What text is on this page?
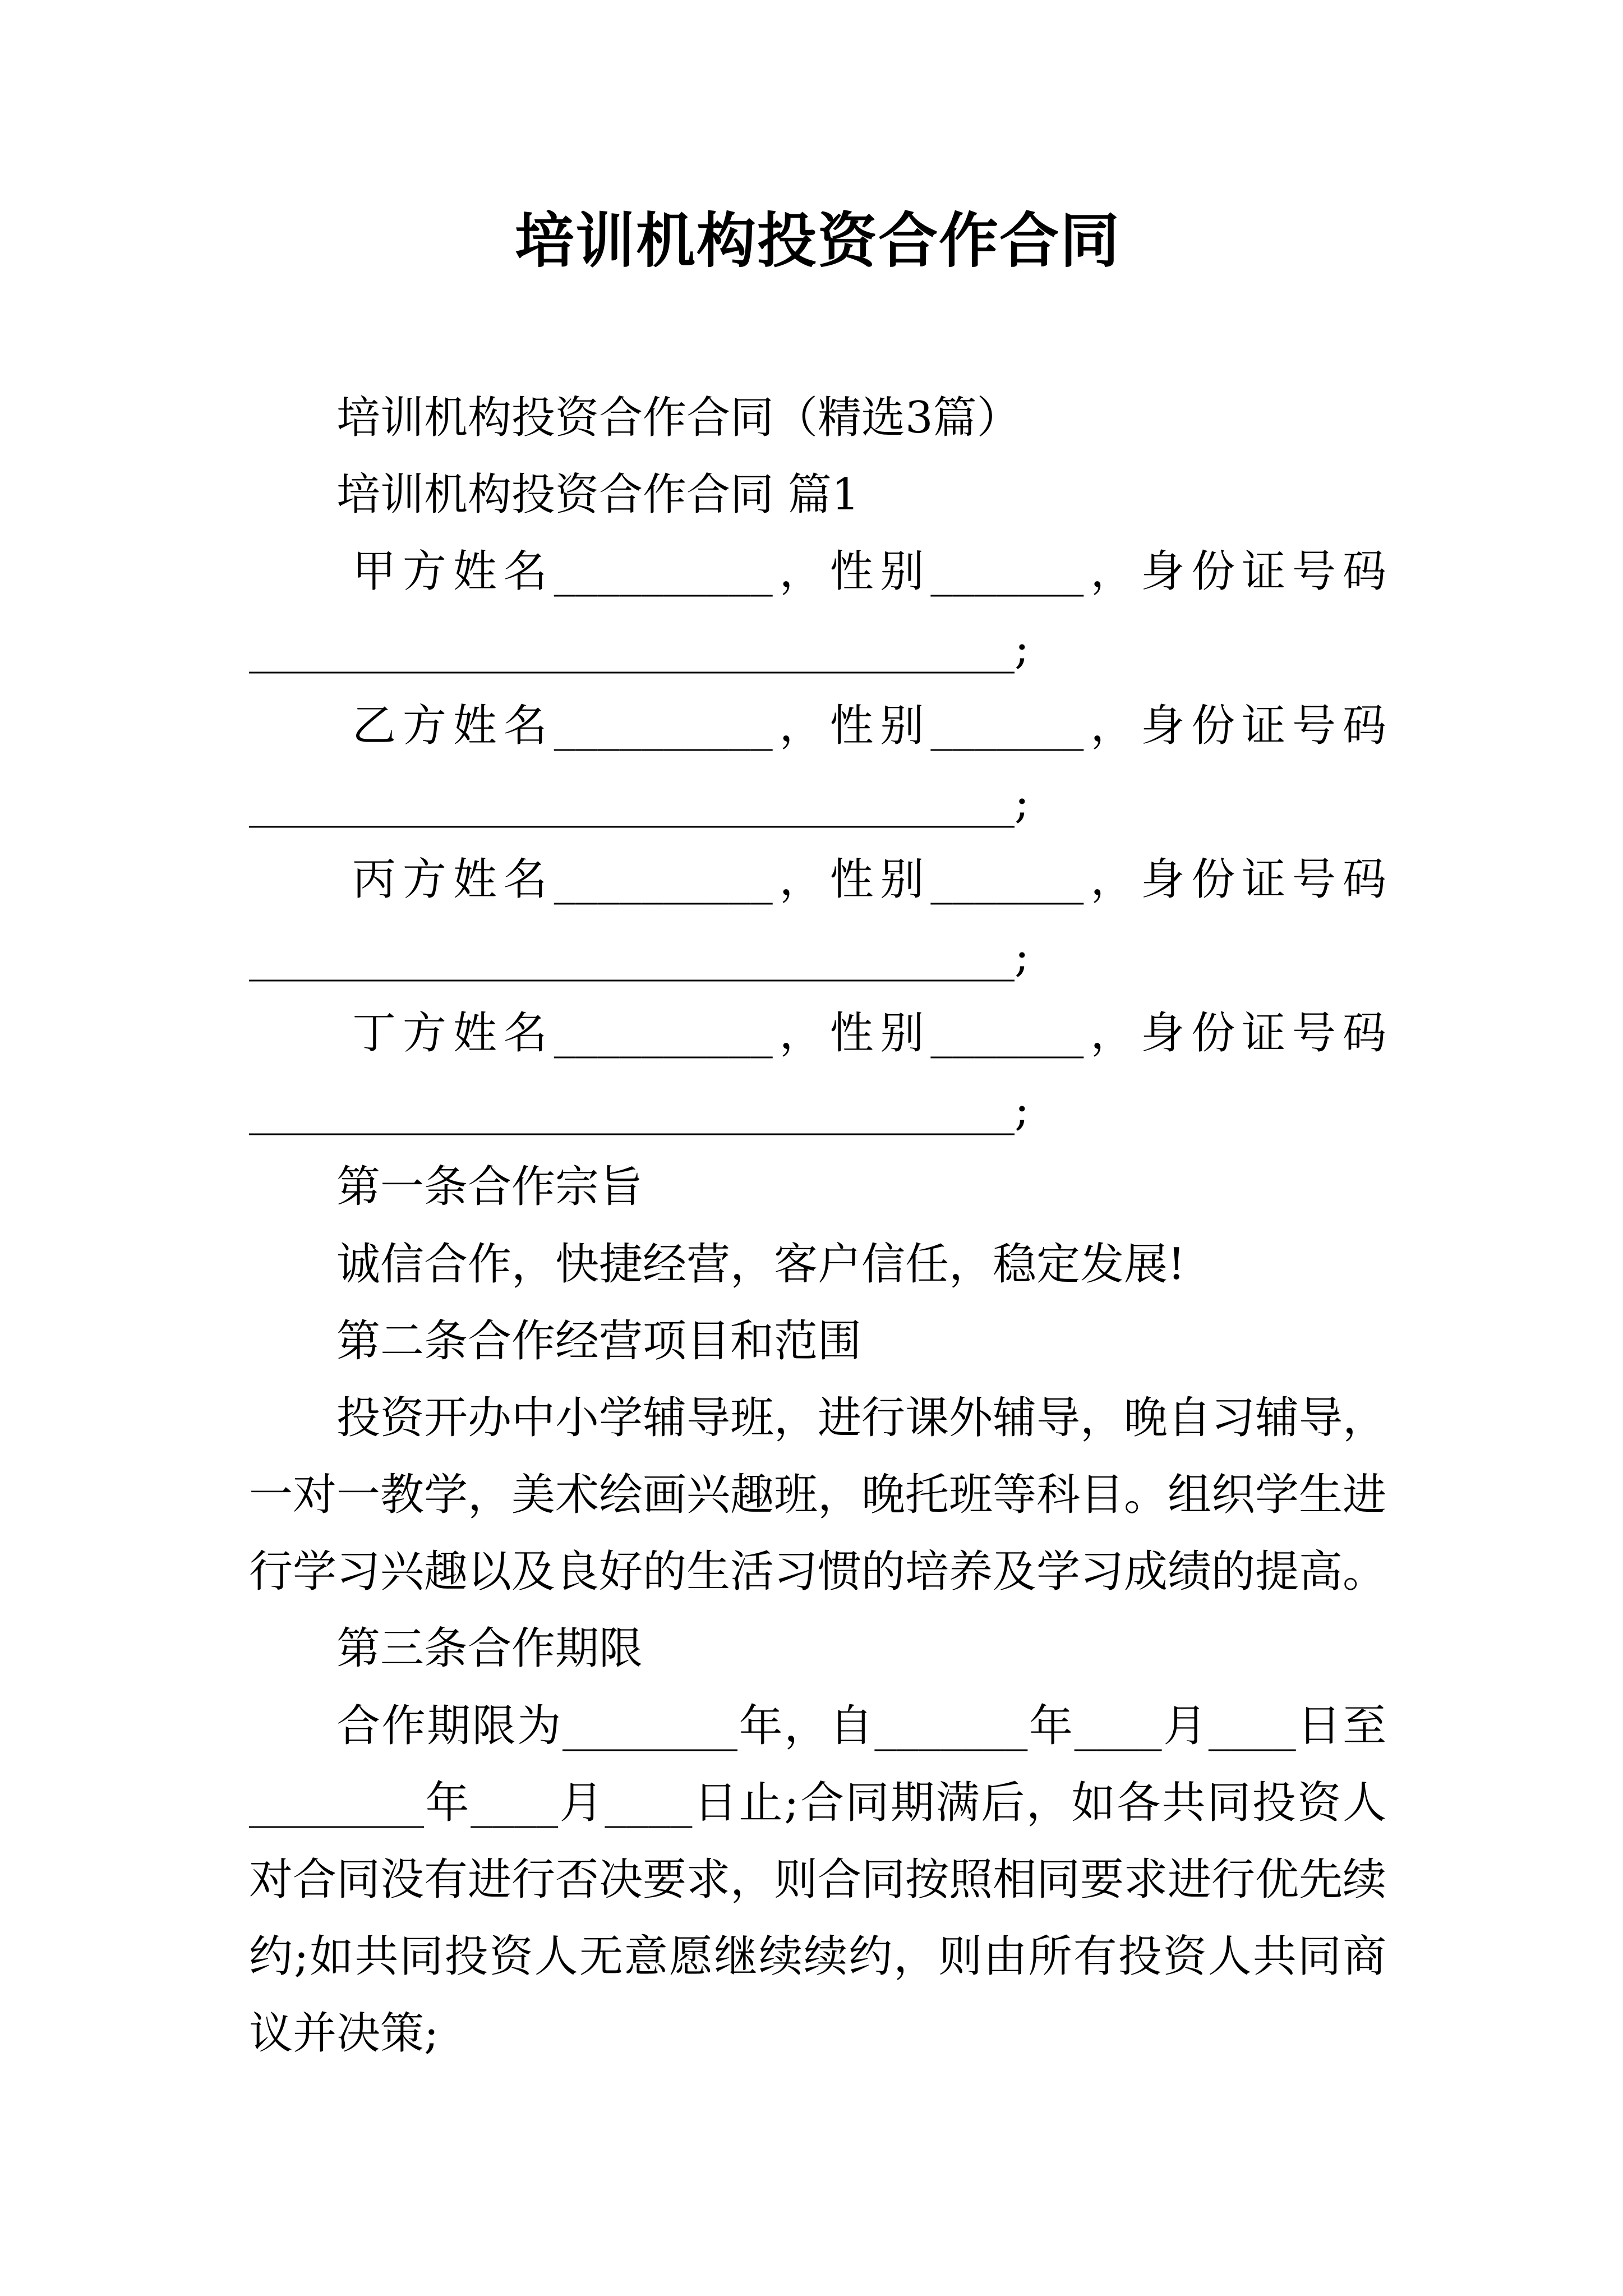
培训机构投资合作合同
培训机构投资合作合同（精选3篇）
培训机构投资合作合同 篇1
甲方姓名__________，性别_______，身份证号码
___________________________________;
乙方姓名__________，性别_______，身份证号码
___________________________________;
丙方姓名__________，性别_______，身份证号码
___________________________________;
丁方姓名__________，性别_______，身份证号码
___________________________________;
第一条合作宗旨
诚信合作，快捷经营，客户信任，稳定发展!
第二条合作经营项目和范围
投资开办中小学辅导班，进行课外辅导，晚自习辅导，
一对一教学，美术绘画兴趣班，晚托班等科目。组织学生进
行学习兴趣以及良好的生活习惯的培养及学习成绩的提高。
第三条合作期限
合作期限为________年，自_______年____月____日至
________年____月____日止;合同期满后，如各共同投资人
对合同没有进行否决要求，则合同按照相同要求进行优先续
约;如共同投资人无意愿继续续约，则由所有投资人共同商
议并决策;
